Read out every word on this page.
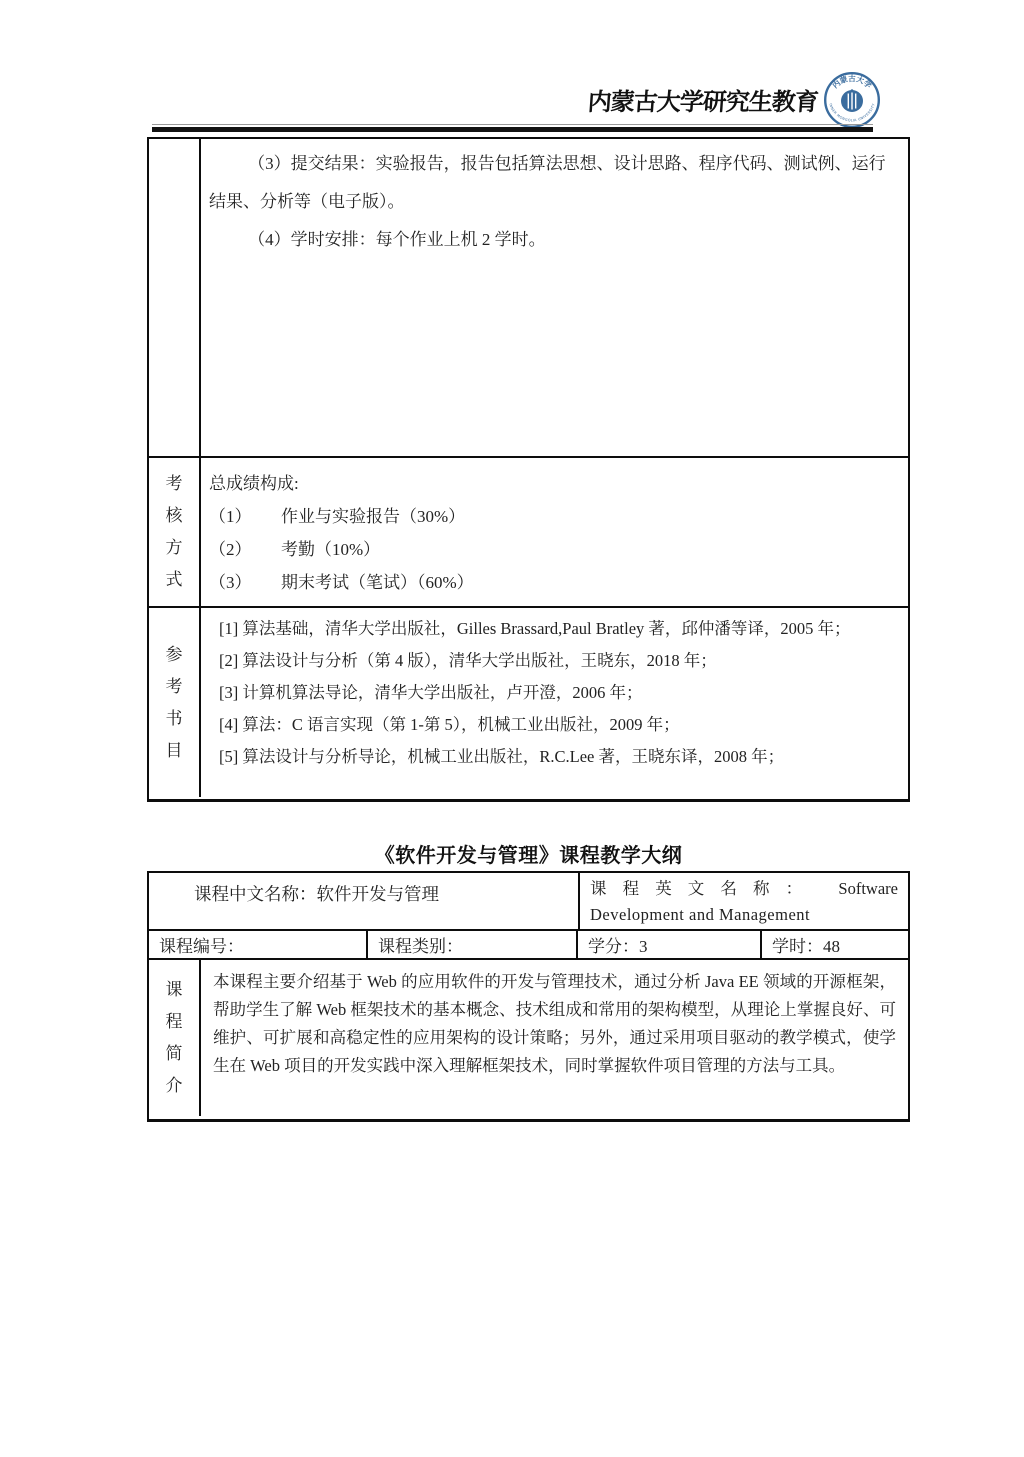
内蒙古大学研究生教育
内蒙古大学
INNER MONGOLIA UNIVERSITY

（3）提交结果：实验报告，报告包括算法思想、设计思路、程序代码、测试例、运行结果、分析等（电子版）。

（4）学时安排：每个作业上机 2 学时。

考核方式
总成绩构成:
（1） 作业与实验报告（30%）
（2） 考勤（10%）
（3） 期末考试（笔试）（60%）
参考书目
[1] 算法基础，清华大学出版社，Gilles Brassard,Paul Bratley 著，邱仲潘等译，2005 年；
[2] 算法设计与分析（第 4 版），清华大学出版社，王晓东，2018 年；
[3] 计算机算法导论，清华大学出版社，卢开澄，2006 年；
[4] 算法：C 语言实现（第 1-第 5），机械工业出版社，2009 年；
[5] 算法设计与分析导论，机械工业出版社，R.C.Lee 著，王晓东译，2008 年；
《软件开发与管理》课程教学大纲
课程中文名称：软件开发与管理	课程英文名称： Software
Development and Management
课程编号：	课程类别：	学分：3	学时：48
课程简介

本课程主要介绍基于 Web 的应用软件的开发与管理技术，通过分析 Java EE 领域的开源框架，帮助学生了解 Web 框架技术的基本概念、技术组成和常用的架构模型，从理论上掌握良好、可维护、可扩展和高稳定性的应用架构的设计策略；另外，通过采用项目驱动的教学模式，使学生在 Web 项目的开发实践中深入理解框架技术，同时掌握软件项目管理的方法与工具。
